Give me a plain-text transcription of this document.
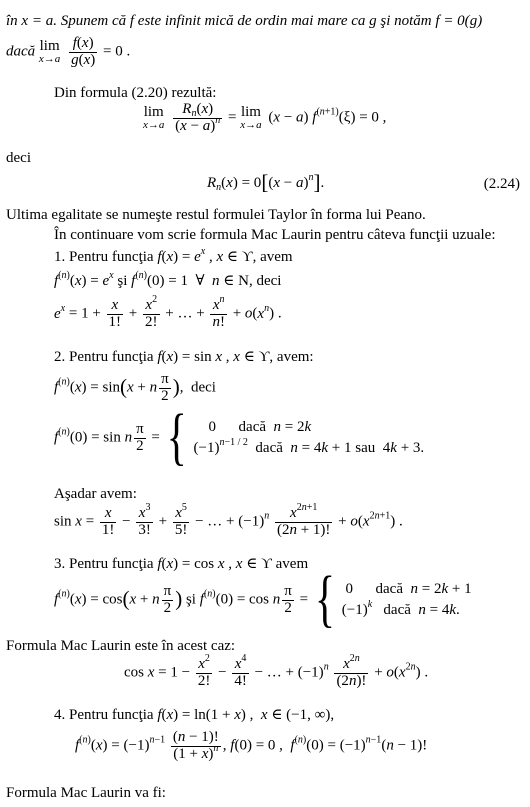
în x = a. Spunem că f este infinit mică de ordin mai mare ca g şi notăm f = 0(g)
dacă lim
x→a
$\frac{f(x)}{g(x)} = 0$ .
Din formula (2.20) rezultă:
lim
x→a
$\frac{R_n(x)}{(x - a)^n} = \lim$
x→a (x − a) $f^{(n+1)}(\xi) = 0$ ,
deci
$R_n(x) = 0[(x - a)^n]$.	(2.24)
Ultima egalitate se numeşte restul formulei Taylor în forma lui Peano.
În continuare vom scrie formula Mac Laurin pentru câteva funcţii uzuale:
1. Pentru funcţia $f(x) = e^x$ , x ∈ ϒ, avem
$f^{(n)}(x) = e^x$ şi $f^{(n)}(0) = 1$  ∀  n ∈ N, deci
$e^x = 1 + \frac{x}{1!} + \frac{x^2}{2!}$ + … + $\frac{x^n}{n!} + o(x^n)$ .
2. Pentru funcţia f(x) = sin x , x ∈ ϒ, avem:
$f^{(n)}(x) = \sin(x + n \frac{\pi}{2}$ ),  deci
$f^{(n)}(0) = \sin n \frac{\pi}{2}$ = { 0      dacă n = 2k
$(-1)^{n-1 / 2}$ dacă n = 4k + 1 sau  4k + 3.
Aşadar avem:
$\sin x = \frac{x}{1!} - \frac{x^3}{3!} + \frac{x^5}{5!}$ − … + $(-1)^n \frac{x^{2n+1}}{(2n + 1)!} + o(x^{2n+1})$ .
3. Pentru funcţia f(x) = cos x , x ∈ ϒ avem
$f^{(n)}(x) = \cos(x + n \frac{\pi}{2}$ ) şi $f^{(n)}(0) = \cos n \frac{\pi}{2}$ = { 0      dacă n = 2k + 1
$(-1)^k$ dacă n = 4k.
Formula Mac Laurin este în acest caz:
$\cos x = 1 - \frac{x^2}{2!} - \frac{x^4}{4!}$ − … + $(-1)^n \frac{x^{2n}}{(2n)!} + o(x^{2n})$ .
4. Pentru funcţia f(x) = ln(1 + x) ,  x ∈ (−1, ∞),
$f^{(n)}(x) = (-1)^{n-1} \frac{(n - 1)!}{(1 + x)^n}$ , f(0) = 0 ,  $f^{(n)}(0) = (-1)^{n-1}(n - 1)$!
Formula Mac Laurin va fi:
